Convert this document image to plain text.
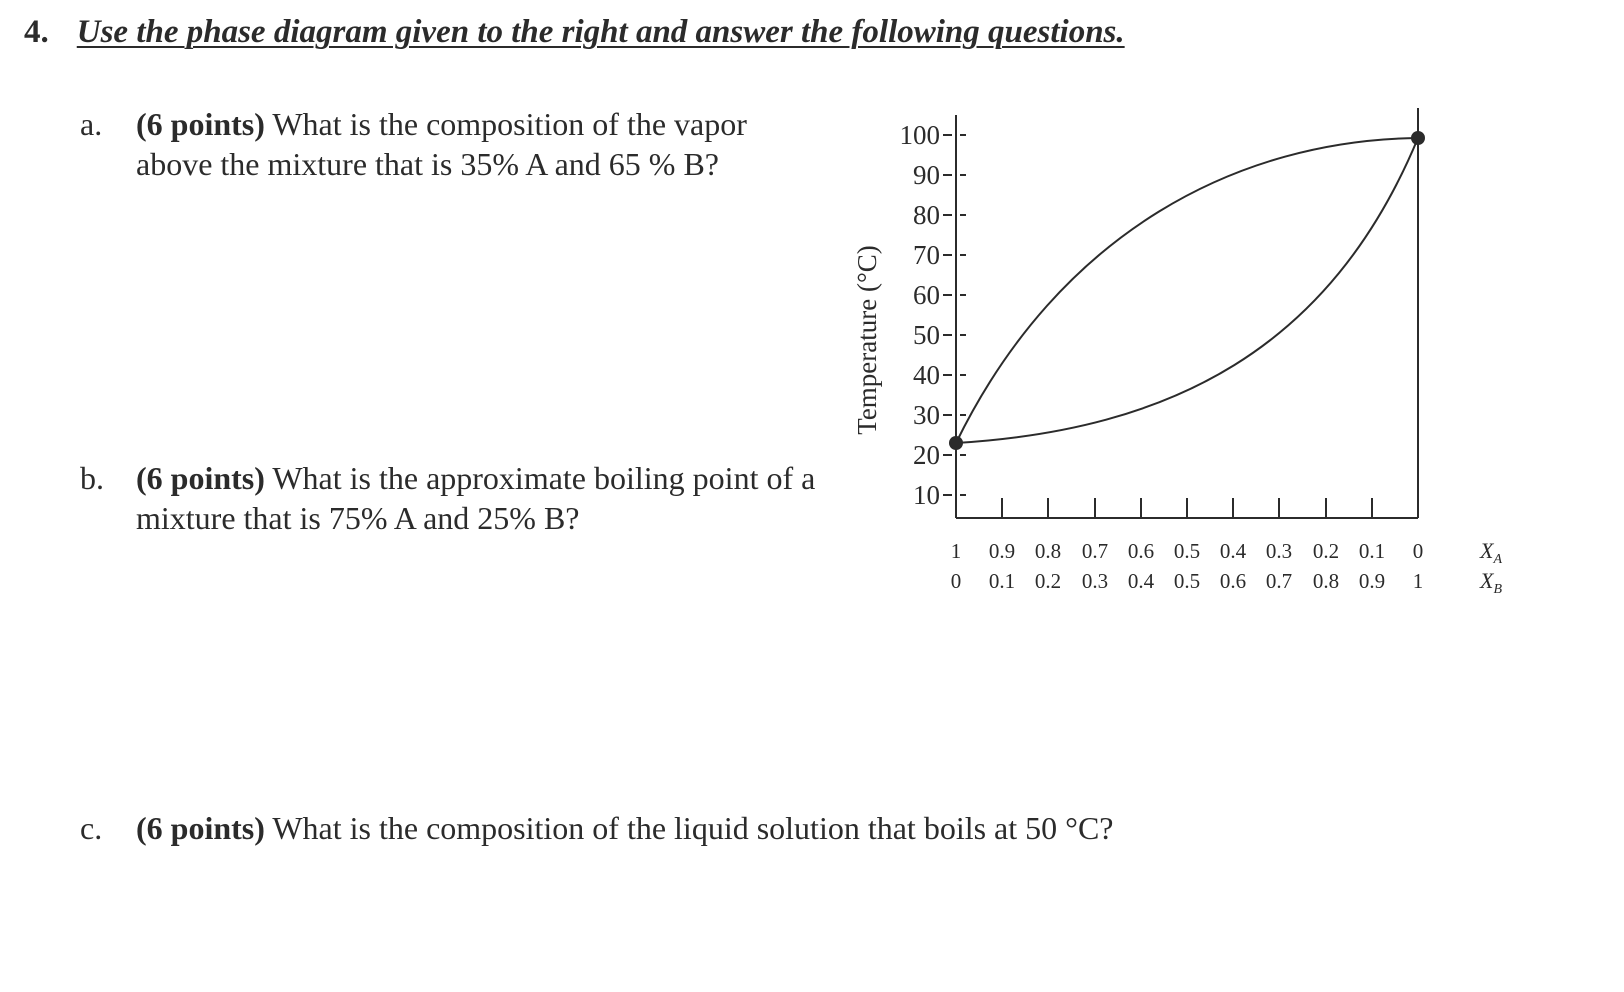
4. Use the phase diagram given to the right and answer the following questions.
a. (6 points) What is the composition of the vapor above the mixture that is 35% A and 65 % B?
b. (6 points) What is the approximate boiling point of a mixture that is 75% A and 25% B?
c. (6 points) What is the composition of the liquid solution that boils at 50 °C?
Temperature (°C)
100
90
80
70
60
50
40
30
20
10
1 0.9 0.8 0.7 0.6 0.5 0.4 0.3 0.2 0.1 0
0 0.1 0.2 0.3 0.4 0.5 0.6 0.7 0.8 0.9 1
$X_A$
$X_B$
